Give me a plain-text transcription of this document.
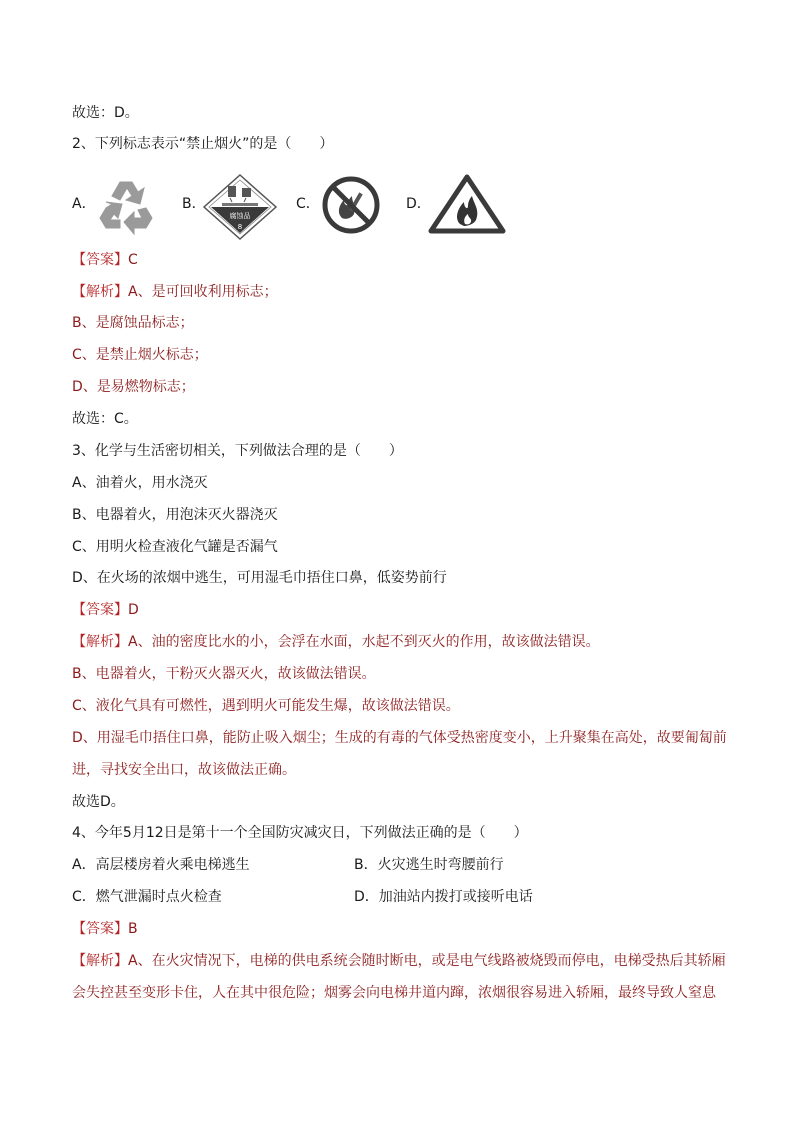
故选：D。
2、下列标志表示“禁止烟火”的是（　　）
A．	B．
腐蚀品
8
C．	D．
【答案】C
【解析】A、是可回收利用标志；
B、是腐蚀品标志；
C、是禁止烟火标志；
D、是易燃物标志；
故选：C。
3、化学与生活密切相关，下列做法合理的是（　　）
A、油着火，用水浇灭
B、电器着火，用泡沫灭火器浇灭
C、用明火检查液化气罐是否漏气
D、在火场的浓烟中逃生，可用湿毛巾捂住口鼻，低姿势前行
【答案】D
【解析】A、油的密度比水的小，会浮在水面，水起不到灭火的作用，故该做法错误。
B、电器着火，干粉灭火器灭火，故该做法错误。
C、液化气具有可燃性，遇到明火可能发生爆，故该做法错误。
D、用湿毛巾捂住口鼻，能防止吸入烟尘；生成的有毒的气体受热密度变小，上升聚集在高处，故要匍匐前
进，寻找安全出口，故该做法正确。
故选D。
4、今年5月12日是第十一个全国防灾减灾日，下列做法正确的是（　　）
A．高层楼房着火乘电梯逃生	B．火灾逃生时弯腰前行
C．燃气泄漏时点火检查	D．加油站内拨打或接听电话
【答案】B
【解析】A、在火灾情况下，电梯的供电系统会随时断电，或是电气线路被烧毁而停电，电梯受热后其轿厢
会失控甚至变形卡住，人在其中很危险；烟雾会向电梯井道内蹿，浓烟很容易进入轿厢，最终导致人窒息
